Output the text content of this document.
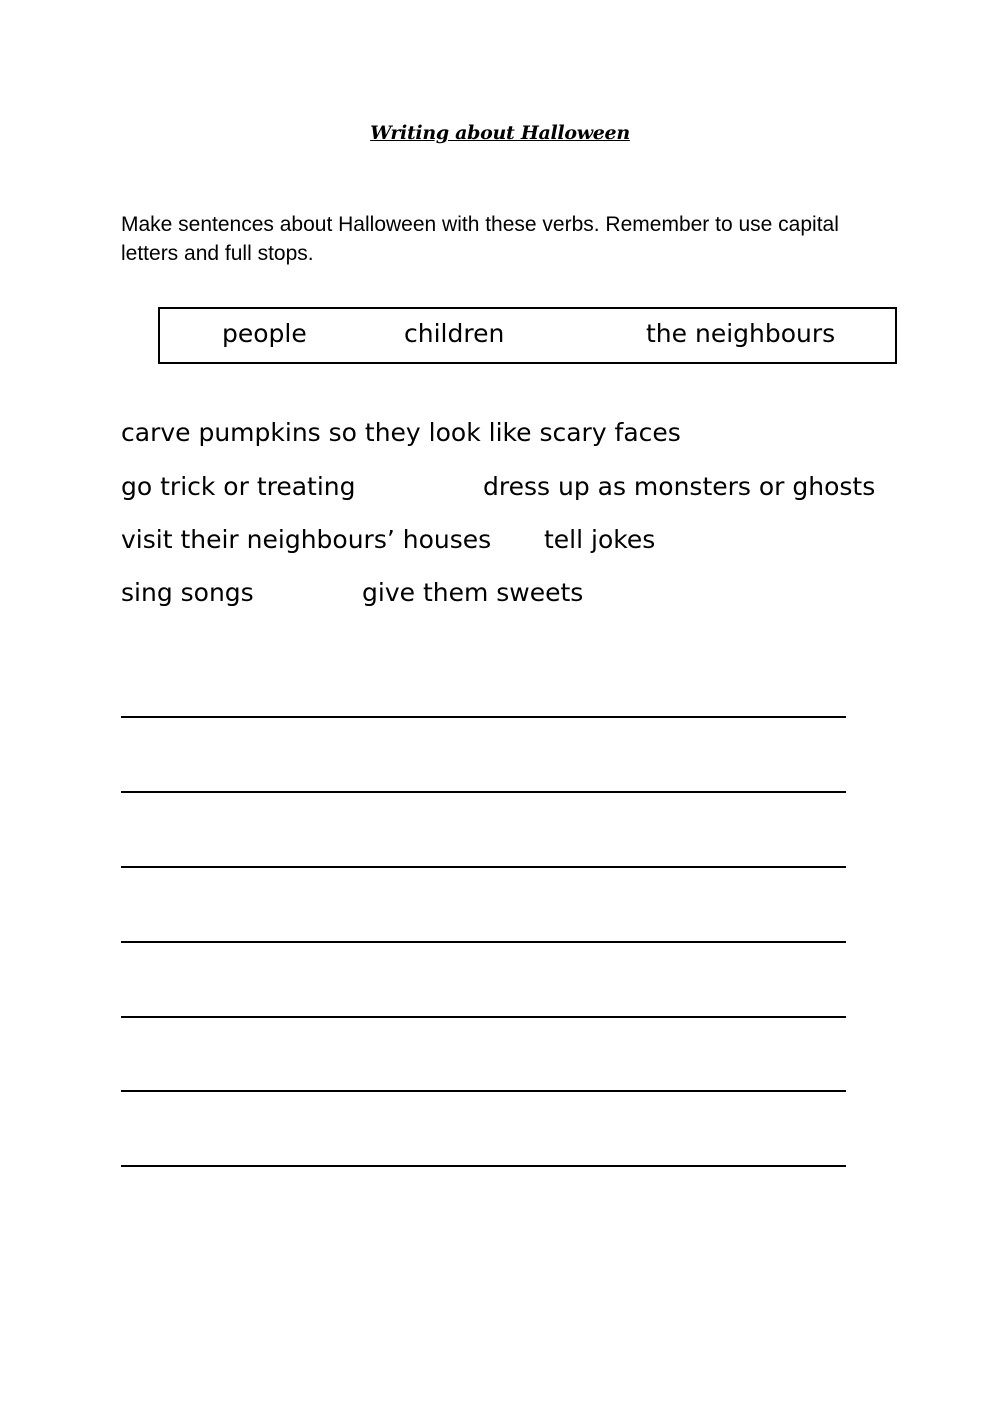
Writing about Halloween
Make sentences about Halloween with these verbs. Remember to use capital letters and full stops.
people	children	the neighbours
carve pumpkins so they look like scary faces
go trick or treating	dress up as monsters or ghosts
visit their neighbours’ houses tell jokes
sing songs	give them sweets
